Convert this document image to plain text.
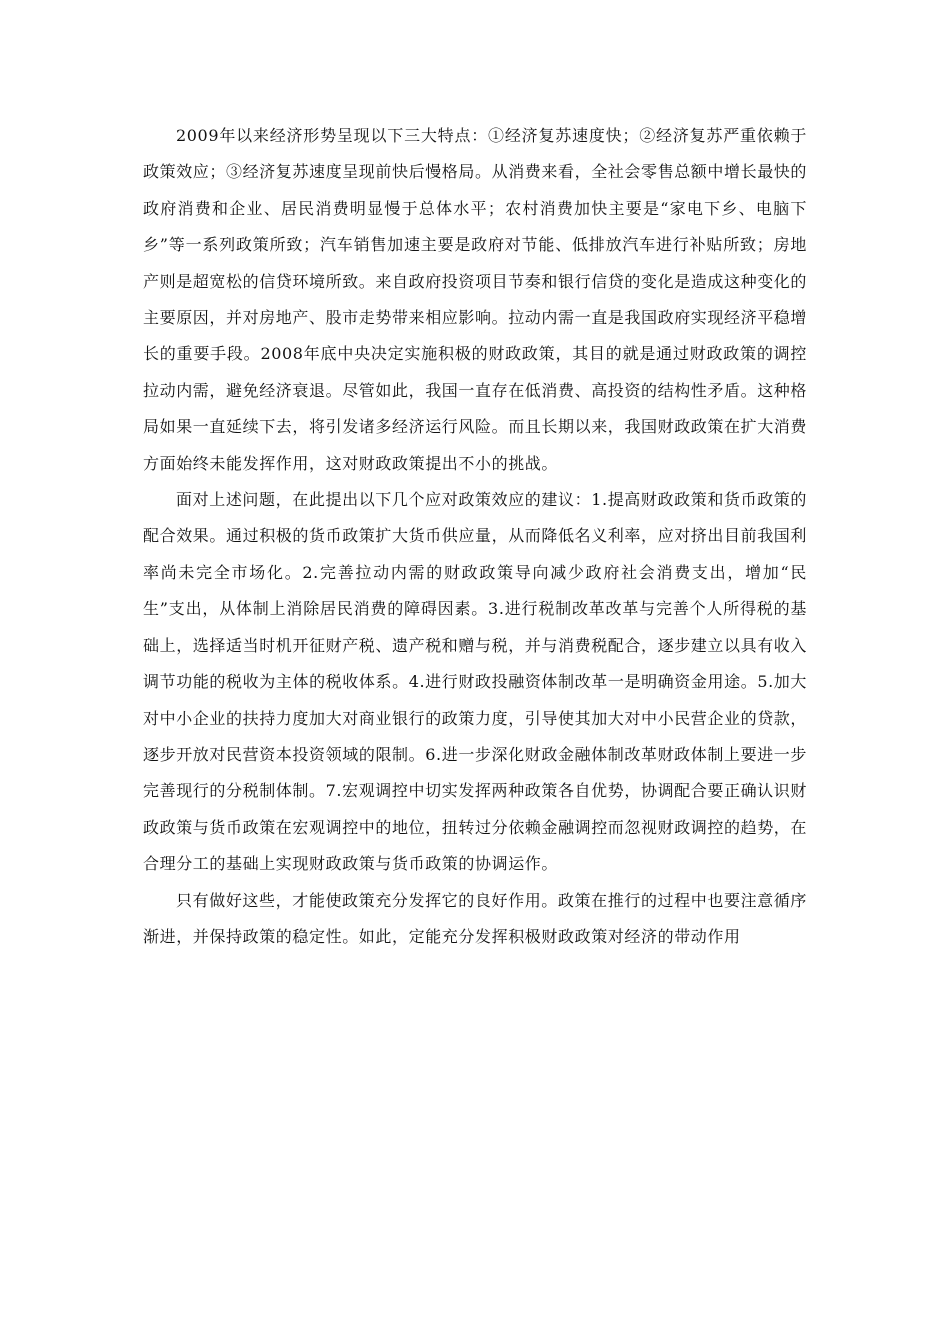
2009年以来经济形势呈现以下三大特点：①经济复苏速度快；②经济复苏严重依赖于政策效应；③经济复苏速度呈现前快后慢格局。从消费来看，全社会零售总额中增长最快的政府消费和企业、居民消费明显慢于总体水平；农村消费加快主要是“家电下乡、电脑下乡”等一系列政策所致；汽车销售加速主要是政府对节能、低排放汽车进行补贴所致；房地产则是超宽松的信贷环境所致。来自政府投资项目节奏和银行信贷的变化是造成这种变化的主要原因，并对房地产、股市走势带来相应影响。拉动内需一直是我国政府实现经济平稳增长的重要手段。2008年底中央决定实施积极的财政政策，其目的就是通过财政政策的调控拉动内需，避免经济衰退。尽管如此，我国一直存在低消费、高投资的结构性矛盾。这种格局如果一直延续下去，将引发诸多经济运行风险。而且长期以来，我国财政政策在扩大消费方面始终未能发挥作用，这对财政政策提出不小的挑战。

面对上述问题，在此提出以下几个应对政策效应的建议：1.提高财政政策和货币政策的配合效果。通过积极的货币政策扩大货币供应量，从而降低名义利率，应对挤出目前我国利率尚未完全市场化。2.完善拉动内需的财政政策导向减少政府社会消费支出，增加“民生”支出，从体制上消除居民消费的障碍因素。3.进行税制改革改革与完善个人所得税的基础上，选择适当时机开征财产税、遗产税和赠与税，并与消费税配合，逐步建立以具有收入调节功能的税收为主体的税收体系。4.进行财政投融资体制改革一是明确资金用途。5.加大对中小企业的扶持力度加大对商业银行的政策力度，引导使其加大对中小民营企业的贷款，逐步开放对民营资本投资领域的限制。6.进一步深化财政金融体制改革财政体制上要进一步完善现行的分税制体制。7.宏观调控中切实发挥两种政策各自优势，协调配合要正确认识财政政策与货币政策在宏观调控中的地位，扭转过分依赖金融调控而忽视财政调控的趋势，在合理分工的基础上实现财政政策与货币政策的协调运作。

只有做好这些，才能使政策充分发挥它的良好作用。政策在推行的过程中也要注意循序渐进，并保持政策的稳定性。如此，定能充分发挥积极财政政策对经济的带动作用
